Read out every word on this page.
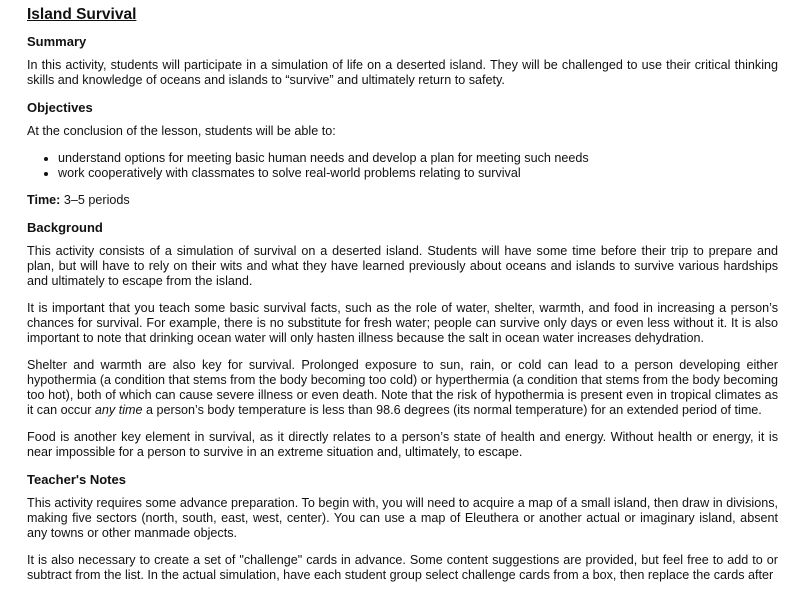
Island Survival
Summary

In this activity, students will participate in a simulation of life on a deserted island. They will be challenged to use their critical thinking skills and knowledge of oceans and islands to “survive” and ultimately return to safety.

Objectives

At the conclusion of the lesson, students will be able to:

• understand options for meeting basic human needs and develop a plan for meeting such needs
• work cooperatively with classmates to solve real-world problems relating to survival
Time: 3–5 periods
Background

This activity consists of a simulation of survival on a deserted island. Students will have some time before their trip to prepare and plan, but will have to rely on their wits and what they have learned previously about oceans and islands to survive various hardships and ultimately to escape from the island.

It is important that you teach some basic survival facts, such as the role of water, shelter, warmth, and food in increasing a person’s chances for survival. For example, there is no substitute for fresh water; people can survive only days or even less without it. It is also important to note that drinking ocean water will only hasten illness because the salt in ocean water increases dehydration.

Shelter and warmth are also key for survival. Prolonged exposure to sun, rain, or cold can lead to a person developing either hypothermia (a condition that stems from the body becoming too cold) or hyperthermia (a condition that stems from the body becoming too hot), both of which can cause severe illness or even death. Note that the risk of hypothermia is present even in tropical climates as it can occur any time a person’s body temperature is less than 98.6 degrees (its normal temperature) for an extended period of time.

Food is another key element in survival, as it directly relates to a person’s state of health and energy. Without health or energy, it is near impossible for a person to survive in an extreme situation and, ultimately, to escape.

Teacher's Notes

This activity requires some advance preparation. To begin with, you will need to acquire a map of a small island, then draw in divisions, making five sectors (north, south, east, west, center). You can use a map of Eleuthera or another actual or imaginary island, absent any towns or other manmade objects.

It is also necessary to create a set of "challenge" cards in advance. Some content suggestions are provided, but feel free to add to or subtract from the list. In the actual simulation, have each student group select challenge cards from a box, then replace the cards after
